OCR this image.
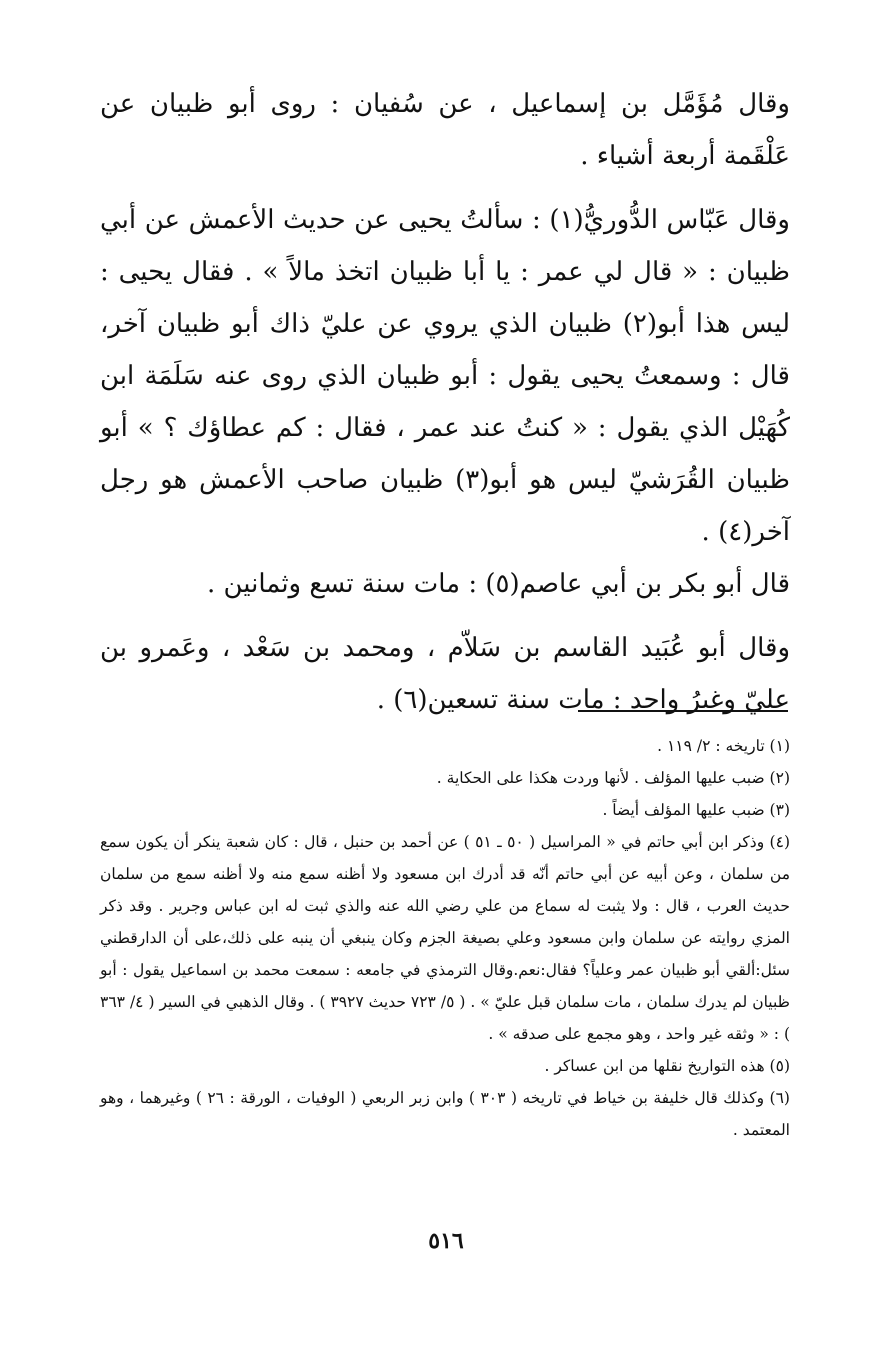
وقال مُؤَمَّل بن إسماعيل ، عن سُفيان : روى أبو ظبيان عن عَلْقَمة أربعة أشياء .

وقال عَبّاس الدُّوريُّ(١) : سألتُ يحيى عن حديث الأعمش عن أبي ظبيان : « قال لي عمر : يا أبا ظبيان اتخذ مالاً » . فقال يحيى : ليس هذا أبو(٢) ظبيان الذي يروي عن عليّ ذاك أبو ظبيان آخر، قال : وسمعتُ يحيى يقول : أبو ظبيان الذي روى عنه سَلَمَة ابن كُهَيْل الذي يقول : « كنتُ عند عمر ، فقال : كم عطاؤك ؟ » أبو ظبيان القُرَشيّ ليس هو أبو(٣) ظبيان صاحب الأعمش هو رجل آخر(٤) .

قال أبو بكر بن أبي عاصم(٥) : مات سنة تسع وثمانين .

وقال أبو عُبَيد القاسم بن سَلاّم ، ومحمد بن سَعْد ، وعَمرو بن عليّ وغيرُ واحد : مات سنة تسعين(٦) .

(١) تاريخه : ٢/ ١١٩ .

(٢) ضبب عليها المؤلف . لأنها وردت هكذا على الحكاية .

(٣) ضبب عليها المؤلف أيضاً .

(٤) وذكر ابن أبي حاتم في « المراسيل ( ٥٠ ـ ٥١ ) عن أحمد بن حنبل ، قال : كان شعبة ينكر أن يكون سمع من سلمان ، وعن أبيه عن أبي حاتم أنّه قد أدرك ابن مسعود ولا أظنه سمع منه ولا أظنه سمع من سلمان حديث العرب ، قال : ولا يثبت له سماع من علي رضي الله عنه والذي ثبت له ابن عباس وجرير . وقد ذكر المزي روايته عن سلمان وابن مسعود وعلي بصيغة الجزم وكان ينبغي أن ينبه على ذلك،على أن الدارقطني سئل:ألقي أبو ظبيان عمر وعلياً؟ فقال:نعم.وقال الترمذي في جامعه : سمعت محمد بن اسماعيل يقول : أبو ظبيان لم يدرك سلمان ، مات سلمان قبل عليّ » . ( ٥/ ٧٢٣ حديث ٣٩٢٧ ) . وقال الذهبي في السير ( ٤/ ٣٦٣ ) : « وثقه غير واحد ، وهو مجمع على صدقه » .

(٥) هذه التواريخ نقلها من ابن عساكر .

(٦) وكذلك قال خليفة بن خياط في تاريخه ( ٣٠٣ ) وابن زبر الربعي ( الوفيات ، الورقة : ٢٦ ) وغيرهما ، وهو المعتمد .

٥١٦
